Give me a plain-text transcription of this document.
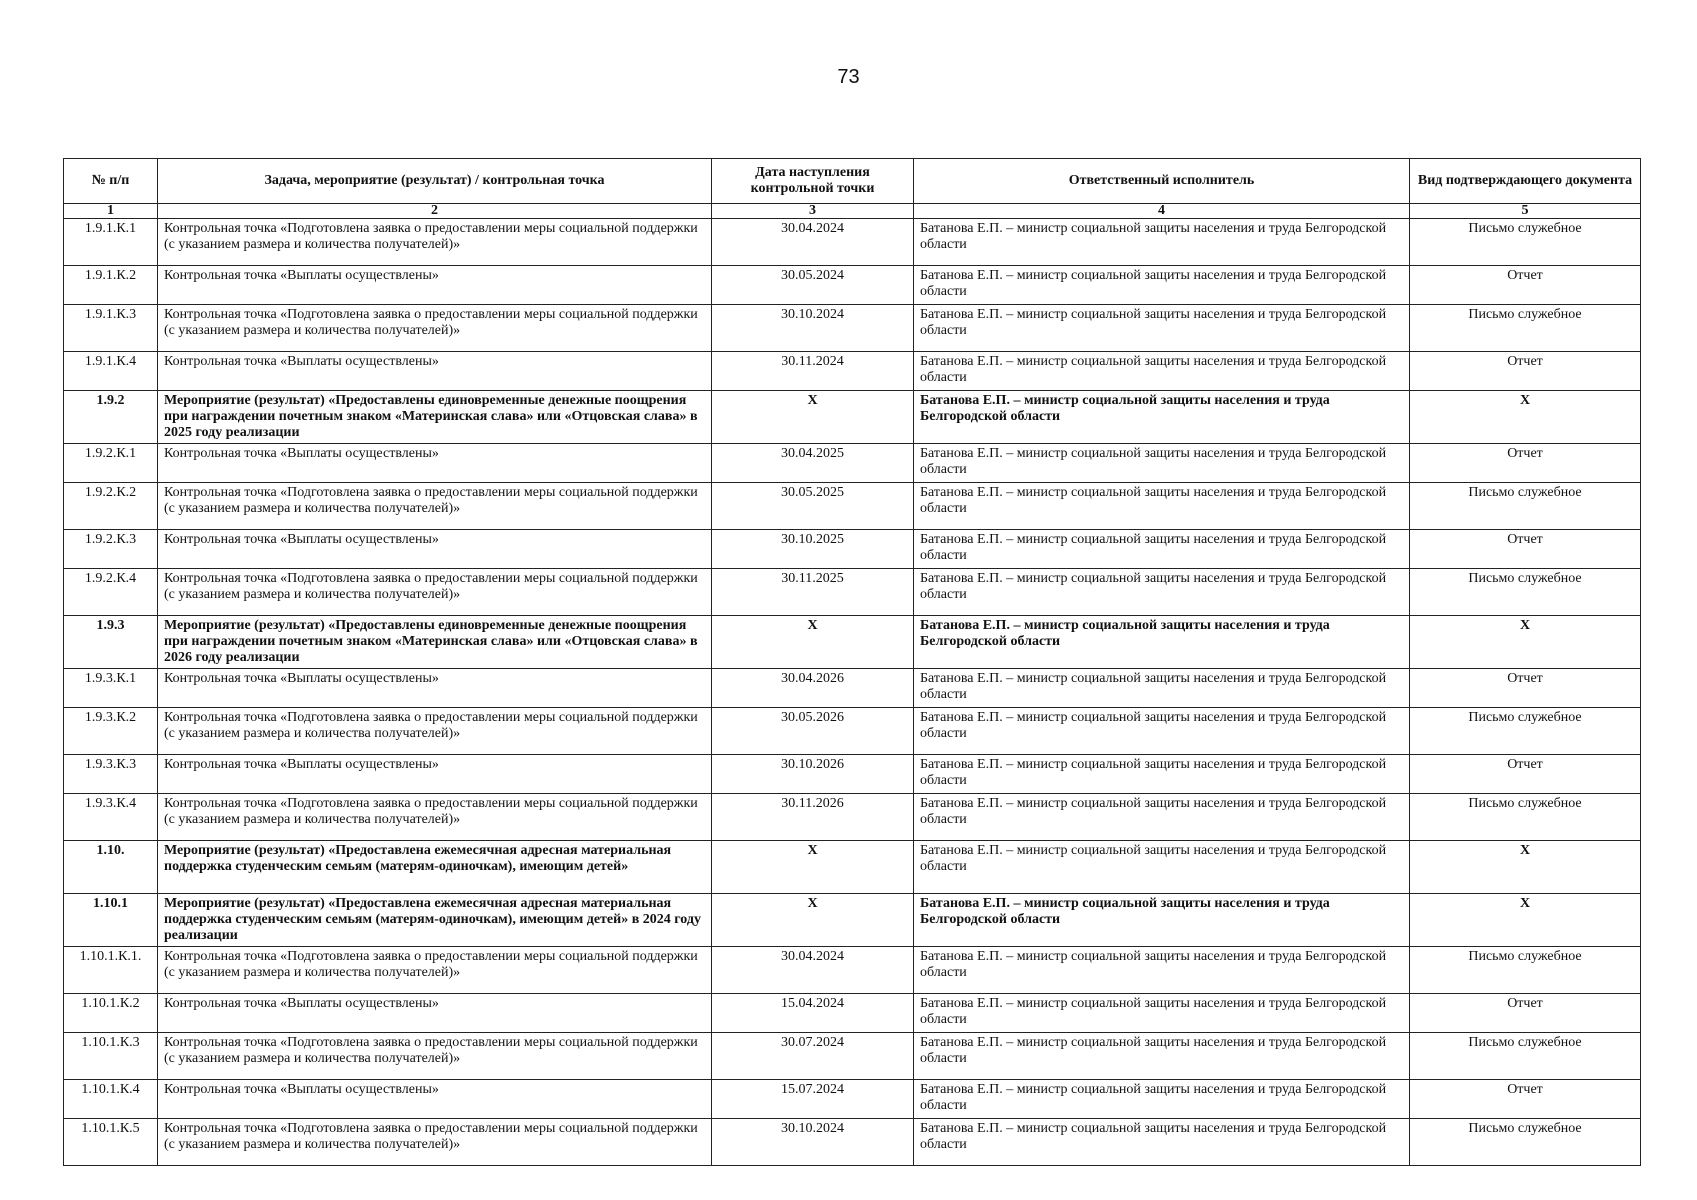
73
№ п/п	Задача, мероприятие (результат) / контрольная точка	Дата наступления контрольной точки	Ответственный исполнитель	Вид подтверждающего документа
1	2	3	4	5
1.9.1.К.1	Контрольная точка «Подготовлена заявка о предоставлении меры социальной поддержки (с указанием размера и количества получателей)»	30.04.2024	Батанова Е.П. – министр социальной защиты населения и труда Белгородской области	Письмо служебное
1.9.1.К.2	Контрольная точка «Выплаты осуществлены»	30.05.2024	Батанова Е.П. – министр социальной защиты населения и труда Белгородской области	Отчет
1.9.1.К.3	Контрольная точка «Подготовлена заявка о предоставлении меры социальной поддержки (с указанием размера и количества получателей)»	30.10.2024	Батанова Е.П. – министр социальной защиты населения и труда Белгородской области	Письмо служебное
1.9.1.К.4	Контрольная точка «Выплаты осуществлены»	30.11.2024	Батанова Е.П. – министр социальной защиты населения и труда Белгородской области	Отчет
1.9.2	Мероприятие (результат) «Предоставлены единовременные денежные поощрения при награждении почетным знаком «Материнская слава» или «Отцовская слава» в 2025 году реализации	X	Батанова Е.П. – министр социальной защиты населения и труда Белгородской области	X
1.9.2.К.1	Контрольная точка «Выплаты осуществлены»	30.04.2025	Батанова Е.П. – министр социальной защиты населения и труда Белгородской области	Отчет
1.9.2.К.2	Контрольная точка «Подготовлена заявка о предоставлении меры социальной поддержки (с указанием размера и количества получателей)»	30.05.2025	Батанова Е.П. – министр социальной защиты населения и труда Белгородской области	Письмо служебное
1.9.2.К.3	Контрольная точка «Выплаты осуществлены»	30.10.2025	Батанова Е.П. – министр социальной защиты населения и труда Белгородской области	Отчет
1.9.2.К.4	Контрольная точка «Подготовлена заявка о предоставлении меры социальной поддержки (с указанием размера и количества получателей)»	30.11.2025	Батанова Е.П. – министр социальной защиты населения и труда Белгородской области	Письмо служебное
1.9.3	Мероприятие (результат) «Предоставлены единовременные денежные поощрения при награждении почетным знаком «Материнская слава» или «Отцовская слава» в 2026 году реализации	X	Батанова Е.П. – министр социальной защиты населения и труда Белгородской области	X
1.9.3.К.1	Контрольная точка «Выплаты осуществлены»	30.04.2026	Батанова Е.П. – министр социальной защиты населения и труда Белгородской области	Отчет
1.9.3.К.2	Контрольная точка «Подготовлена заявка о предоставлении меры социальной поддержки (с указанием размера и количества получателей)»	30.05.2026	Батанова Е.П. – министр социальной защиты населения и труда Белгородской области	Письмо служебное
1.9.3.К.3	Контрольная точка «Выплаты осуществлены»	30.10.2026	Батанова Е.П. – министр социальной защиты населения и труда Белгородской области	Отчет
1.9.3.К.4	Контрольная точка «Подготовлена заявка о предоставлении меры социальной поддержки (с указанием размера и количества получателей)»	30.11.2026	Батанова Е.П. – министр социальной защиты населения и труда Белгородской области	Письмо служебное
1.10.	Мероприятие (результат) «Предоставлена ежемесячная адресная материальная поддержка студенческим семьям (матерям-одиночкам), имеющим детей»	X	Батанова Е.П. – министр социальной защиты населения и труда Белгородской области	X
1.10.1	Мероприятие (результат) «Предоставлена ежемесячная адресная материальная поддержка студенческим семьям (матерям-одиночкам), имеющим детей» в 2024 году реализации	X	Батанова Е.П. – министр социальной защиты населения и труда Белгородской области	X
1.10.1.К.1.	Контрольная точка «Подготовлена заявка о предоставлении меры социальной поддержки (с указанием размера и количества получателей)»	30.04.2024	Батанова Е.П. – министр социальной защиты населения и труда Белгородской области	Письмо служебное
1.10.1.К.2	Контрольная точка «Выплаты осуществлены»	15.04.2024	Батанова Е.П. – министр социальной защиты населения и труда Белгородской области	Отчет
1.10.1.К.3	Контрольная точка «Подготовлена заявка о предоставлении меры социальной поддержки (с указанием размера и количества получателей)»	30.07.2024	Батанова Е.П. – министр социальной защиты населения и труда Белгородской области	Письмо служебное
1.10.1.К.4	Контрольная точка «Выплаты осуществлены»	15.07.2024	Батанова Е.П. – министр социальной защиты населения и труда Белгородской области	Отчет
1.10.1.К.5	Контрольная точка «Подготовлена заявка о предоставлении меры социальной поддержки (с указанием размера и количества получателей)»	30.10.2024	Батанова Е.П. – министр социальной защиты населения и труда Белгородской области	Письмо служебное
